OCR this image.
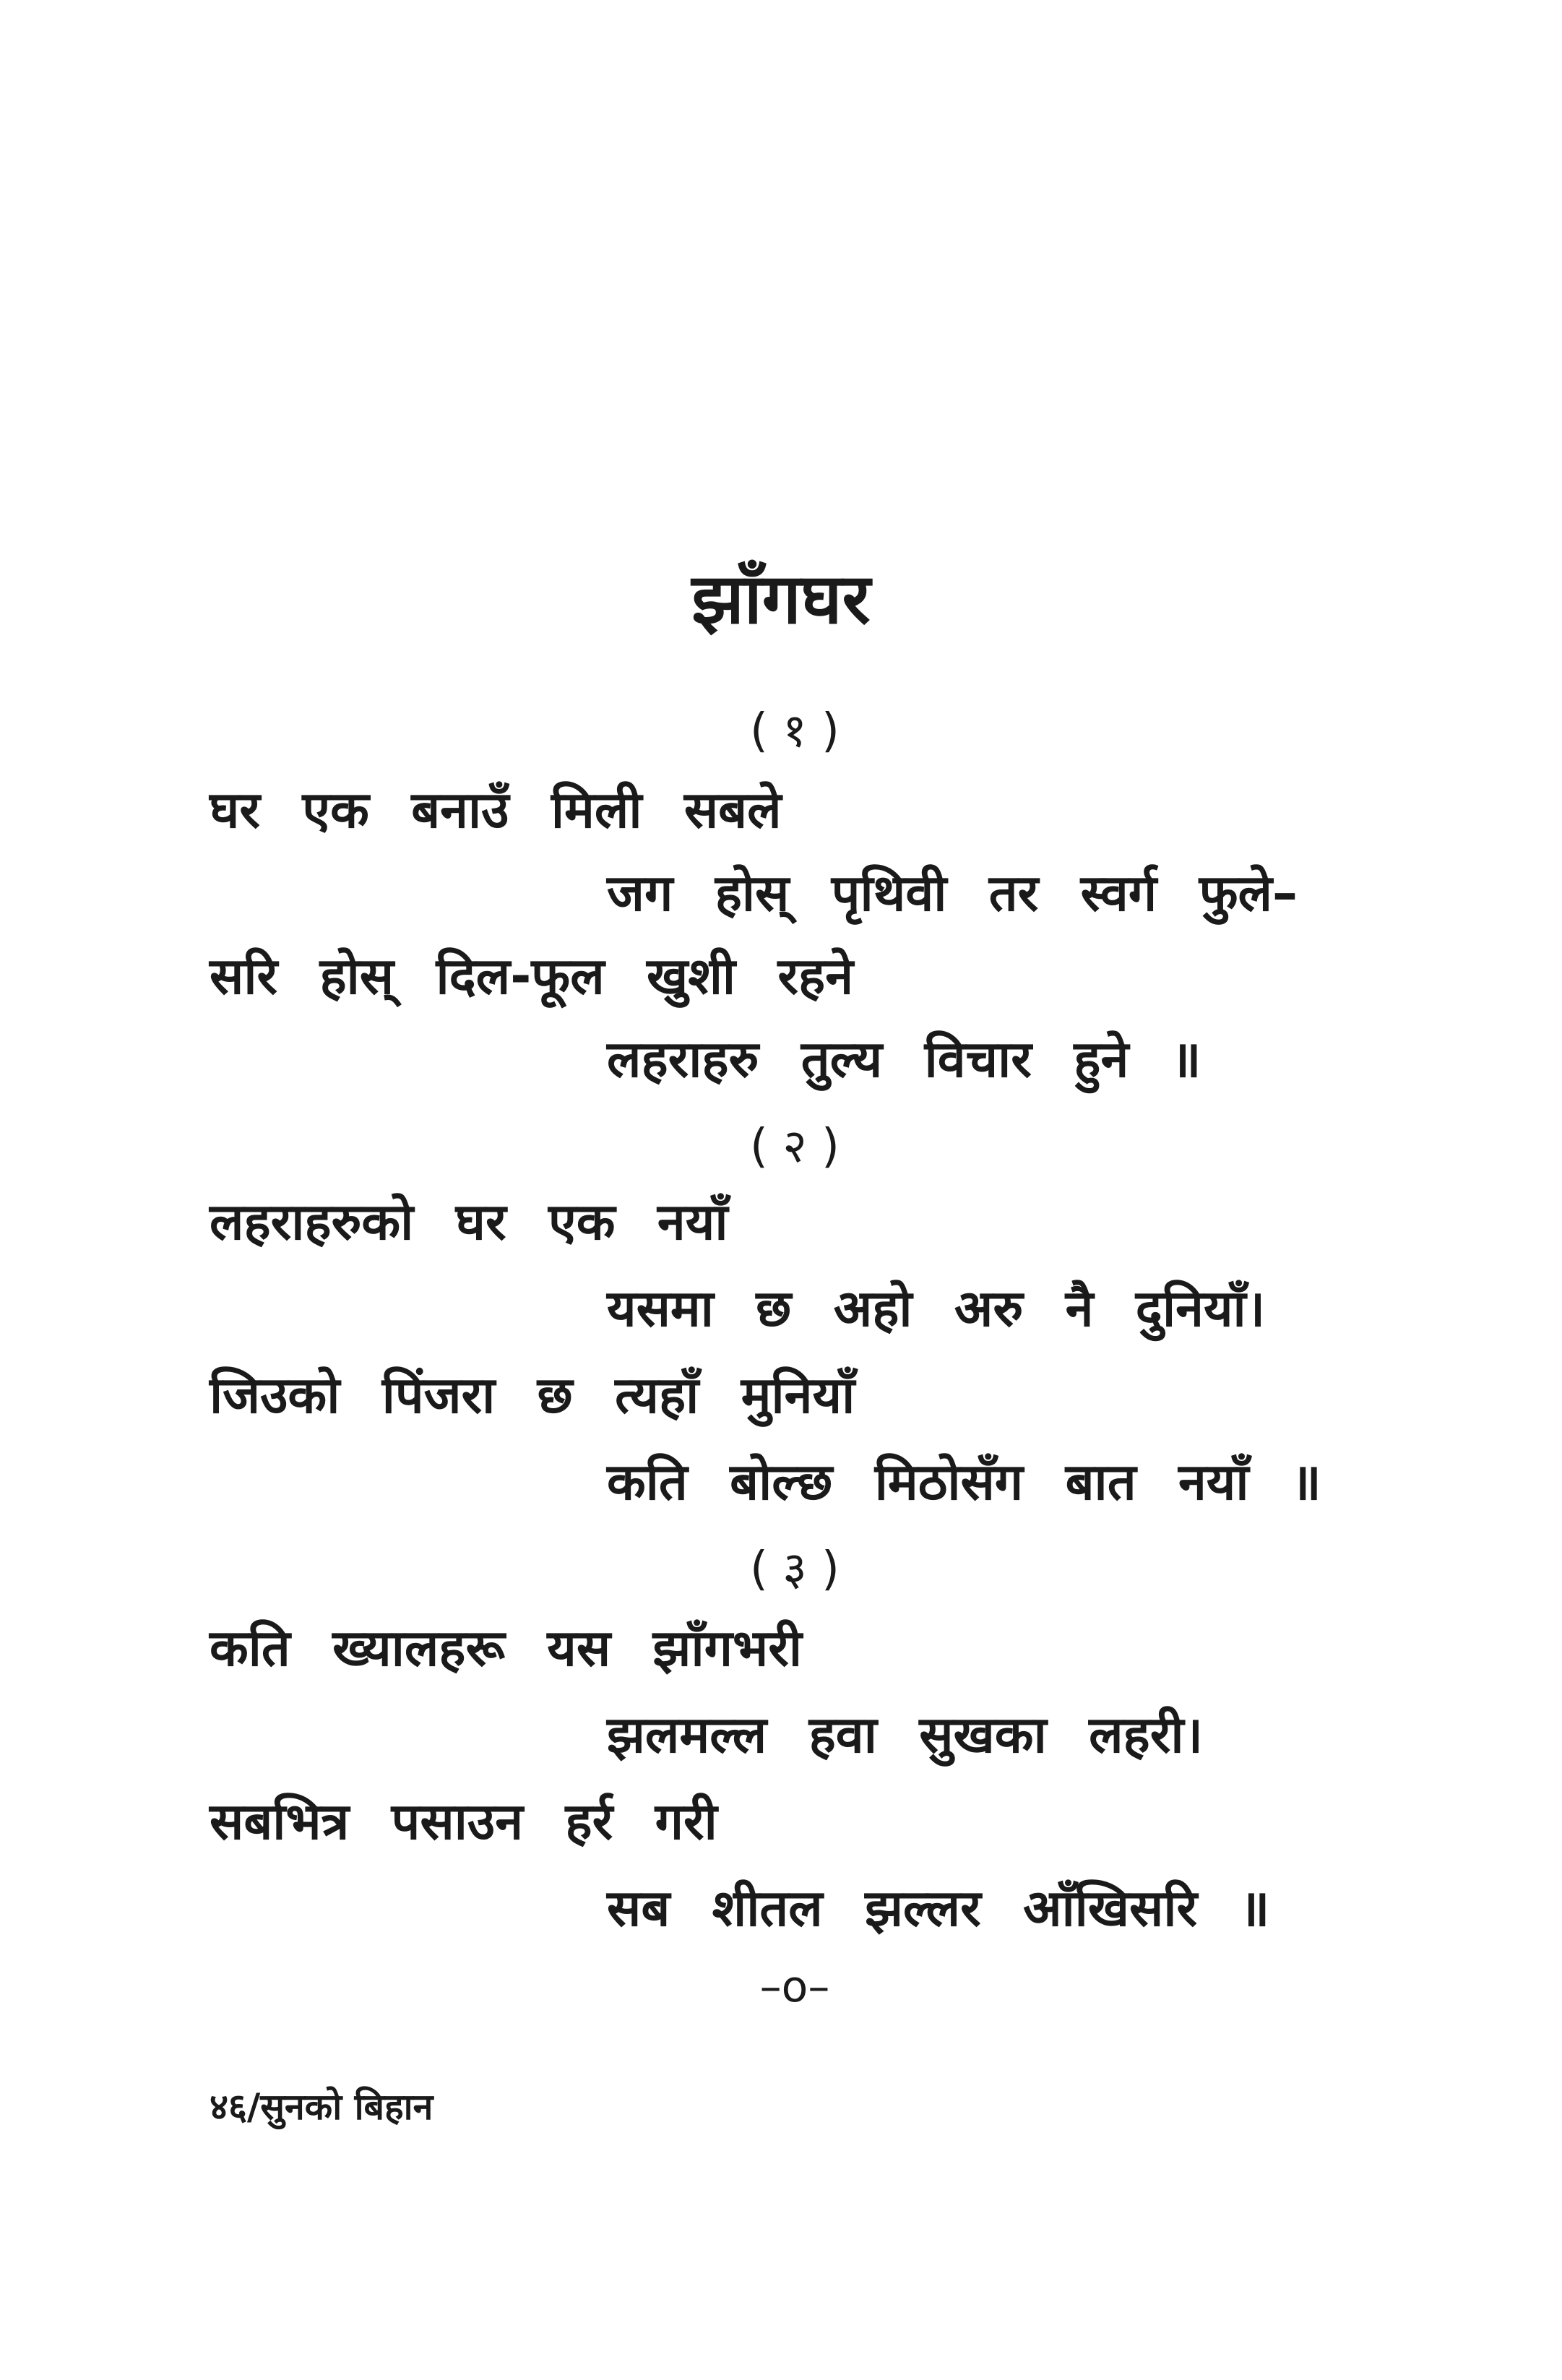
झाँगघर
( १ )

घर एक बनाउँ मिली सबले

जग होस् पृथिवी तर स्वर्ग फुले–

सरि होस् दिल-फूल खुशी रहने

लहराहरु तुल्य विचार हुने ॥

( २ )

लहराहरुको घर एक नयाँ

यसमा छ अहो अरु नै दुनियाँ।

जिउको पिंजरा छ त्यहाँ मुनियाँ

कति बोल्छ मिठोसँग बात नयाँ ॥

( ३ )

कति ख्यालहरू यस झाँगभरी

झलमल्ल हवा सुखका लहरी।

सबभित्र पसाउन हर्र गरी

सब शीतल झल्लर आँखिसरि ॥

–o–
४६/सुनको बिहान
